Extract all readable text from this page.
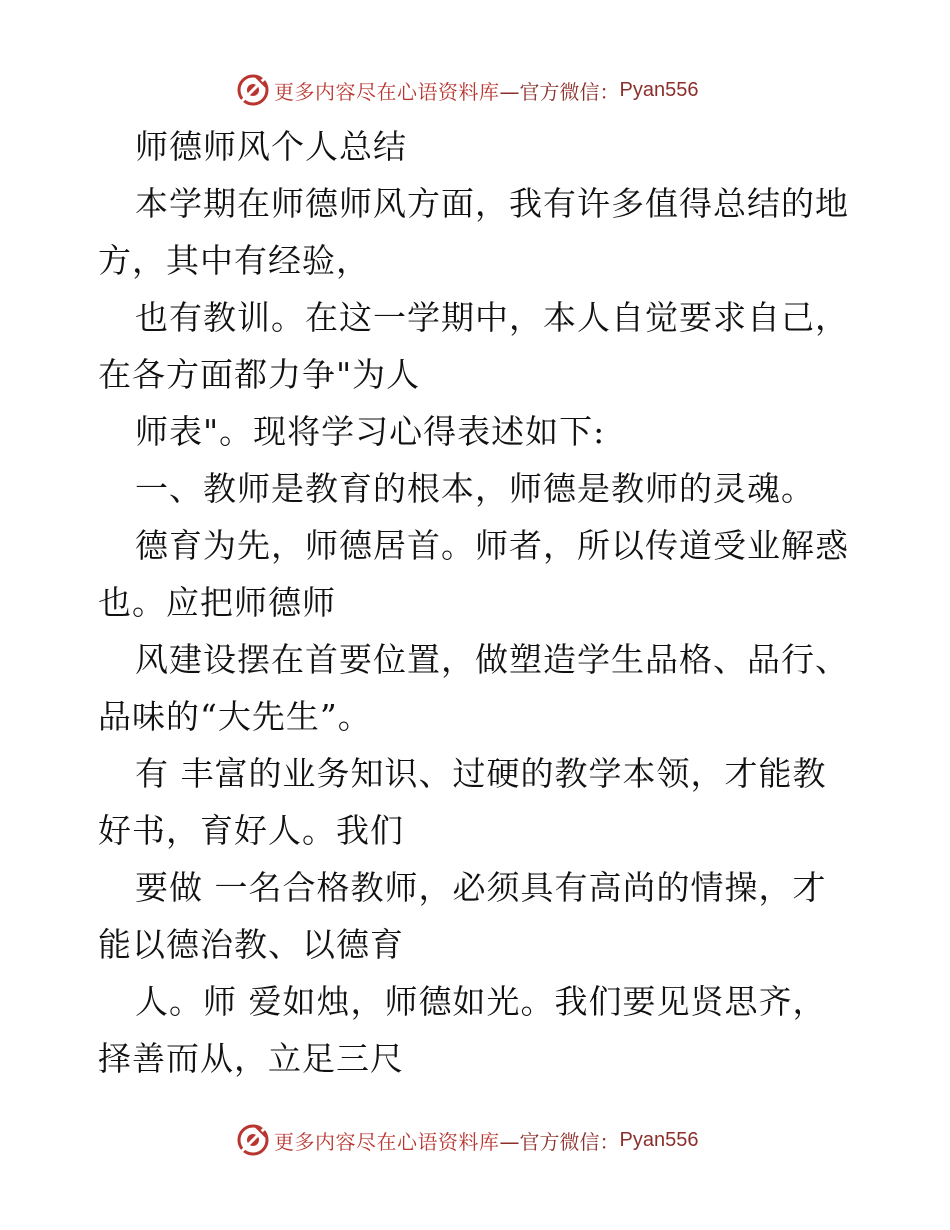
更多内容尽在心语资料库 —官方微信： Pyan556
师德师风个人总结
本学期在师德师风方面，我有许多值得总结的地
方，其中有经验，
也有教训。在这一学期中，本人自觉要求自己，
在各方面都力争"为人
师表"。现将学习心得表述如下:
一、教师是教育的根本，师德是教师的灵魂。
德育为先，师德居首。师者，所以传道受业解惑
也。应把师德师
风建设摆在首要位置，做塑造学生品格、品行、
品味的“大先生”。
有 丰富的业务知识、过硬的教学本领，才能教
好书，育好人。我们
要做 一名合格教师，必须具有高尚的情操，才
能以德治教、以德育
人。师 爱如烛，师德如光。我们要见贤思齐，
择善而从，立足三尺
更多内容尽在心语资料库 —官方微信： Pyan556
